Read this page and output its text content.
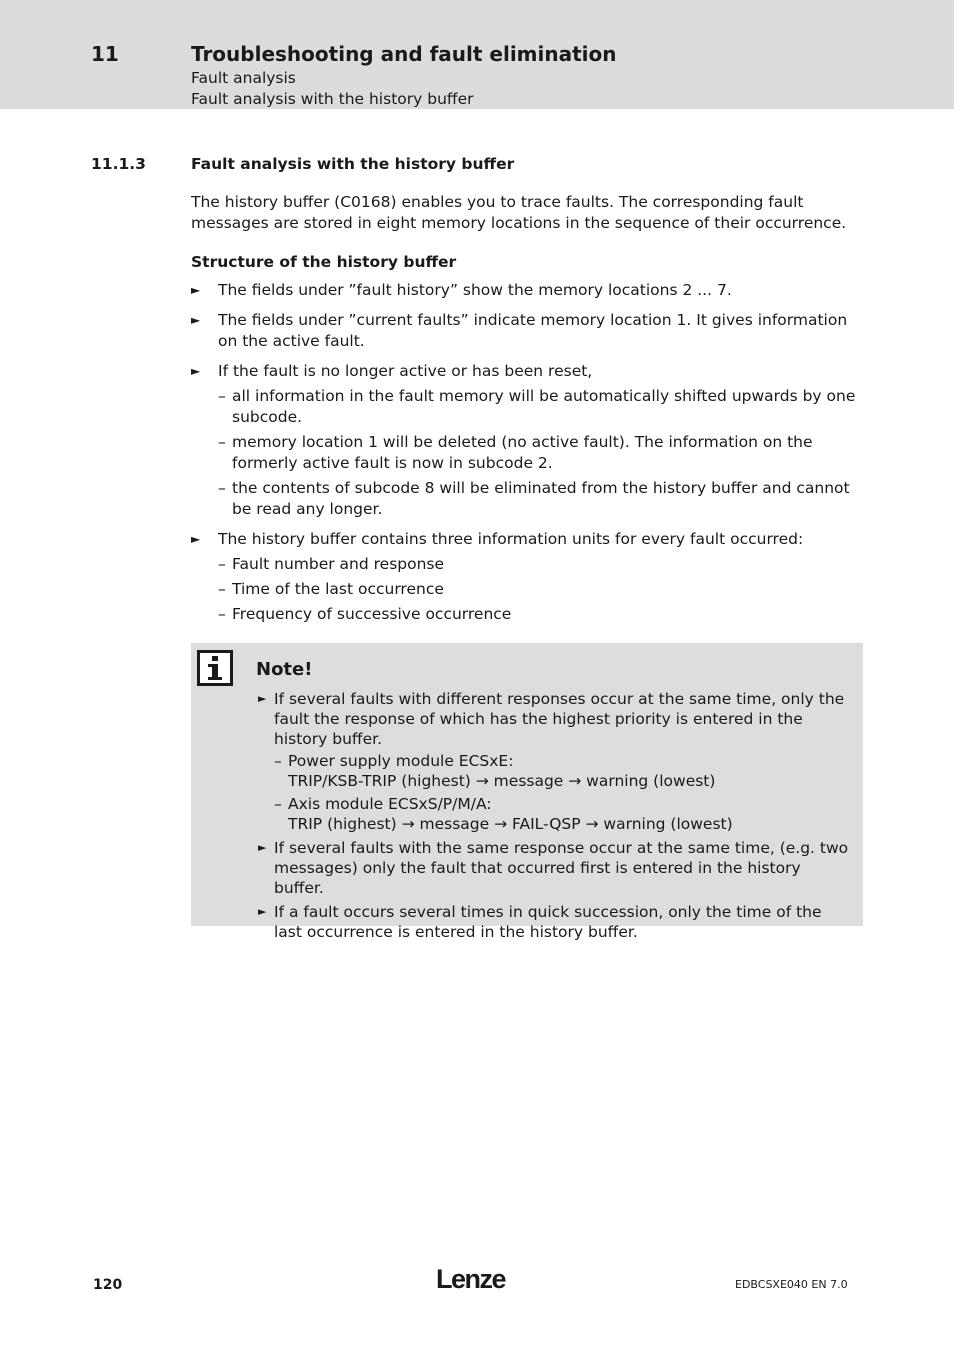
11	Troubleshooting and fault elimination
Fault analysis
Fault analysis with the history buffer
11.1.3	Fault analysis with the history buffer

The history buffer (C0168) enables you to trace faults. The corresponding fault messages are stored in eight memory locations in the sequence of their occurrence.

Structure of the history buffer

► The fields under ”fault history” show the memory locations 2 ... 7.
► The fields under ”current faults” indicate memory location 1. It gives information on the active fault.
► If the fault is no longer active or has been reset,
– all information in the fault memory will be automatically shifted upwards by one subcode.
– memory location 1 will be deleted (no active fault). The information on the formerly active fault is now in subcode 2.
– the contents of subcode 8 will be eliminated from the history buffer and cannot be read any longer.
► The history buffer contains three information units for every fault occurred:
– Fault number and response
– Time of the last occurrence
– Frequency of successive occurrence
Note!
► If several faults with different responses occur at the same time, only the fault the response of which has the highest priority is entered in the history buffer.
– Power supply module ECSxE:
TRIP/KSB-TRIP (highest) → message → warning (lowest)
– Axis module ECSxS/P/M/A:
TRIP (highest) → message → FAIL-QSP → warning (lowest)
► If several faults with the same response occur at the same time, (e.g. two messages) only the fault that occurred first is entered in the history buffer.
► If a fault occurs several times in quick succession, only the time of the last occurrence is entered in the history buffer.
120	Lenze	EDBCSXE040 EN 7.0
